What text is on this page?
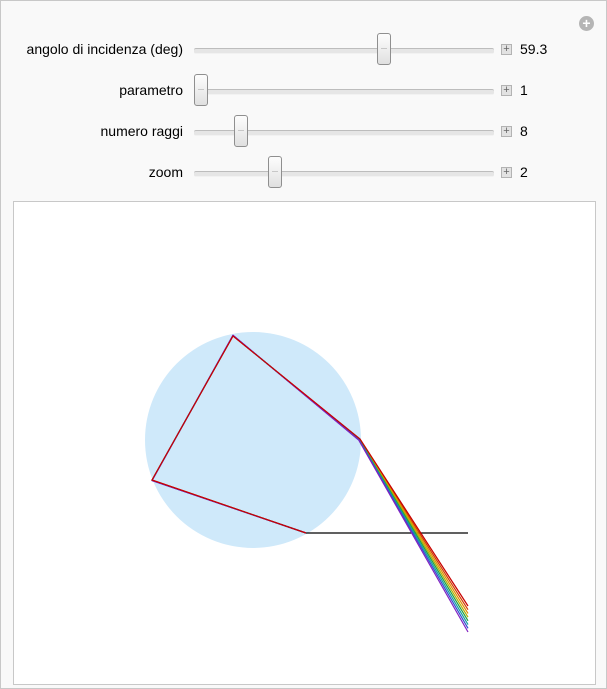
+
angolo di incidenza (deg)	+ 59.3
parametro	+ 1
numero raggi	+ 8
zoom	+ 2
